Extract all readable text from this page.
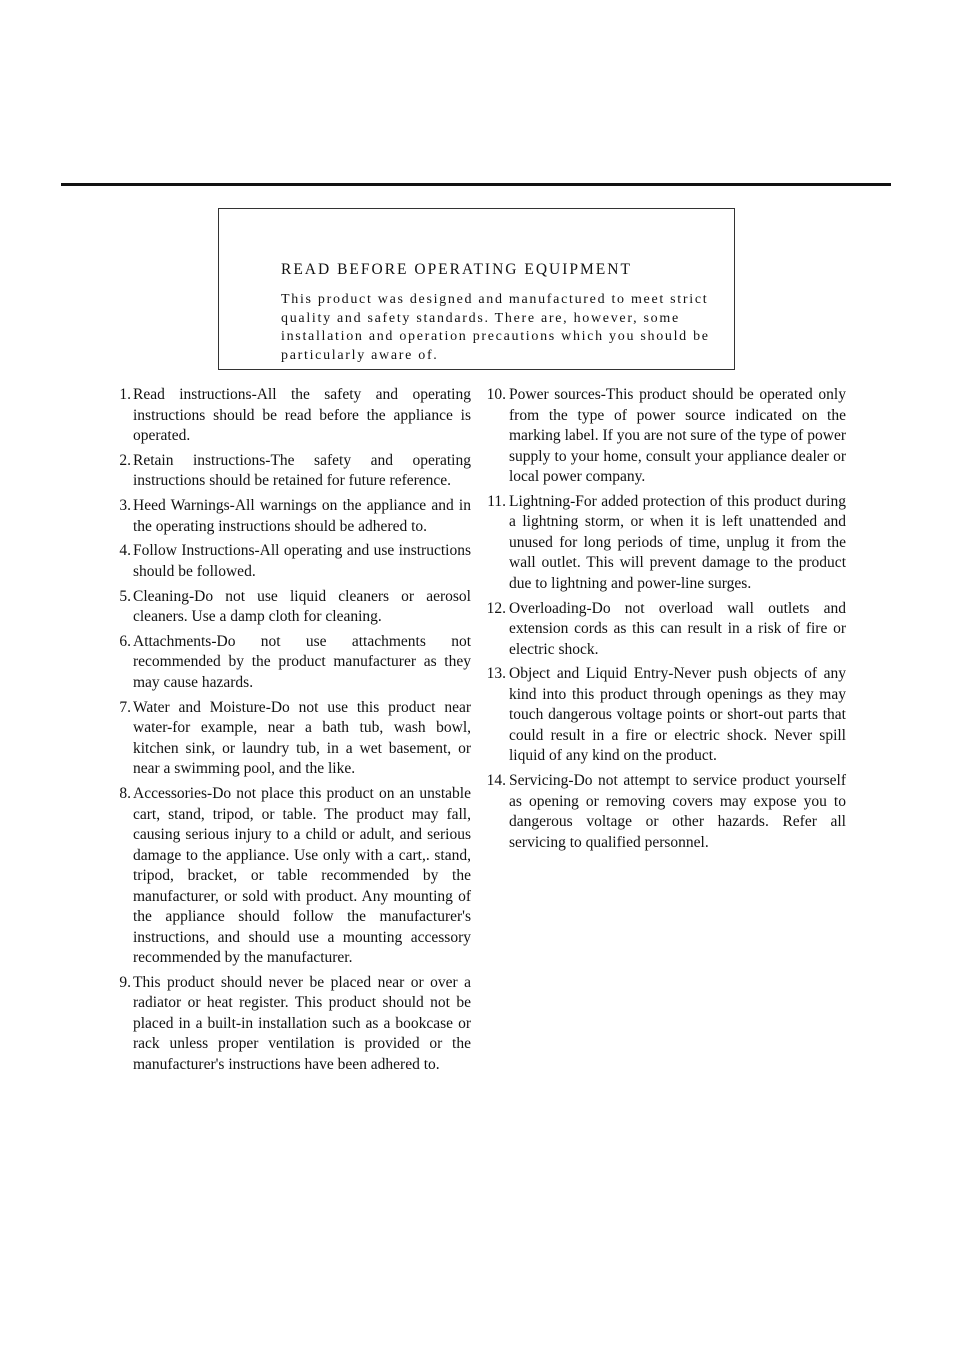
READ BEFORE OPERATING EQUIPMENT
This product was designed and manufactured to meet strict quality and safety standards. There are, however, some installation and operation precautions which you should be particularly aware of.
1. Read instructions-All the safety and operating instructions should be read before the appliance is operated.
2. Retain instructions-The safety and operating instructions should be retained for future reference.
3. Heed Warnings-All warnings on the appliance and in the operating instructions should be adhered to.
4. Follow Instructions-All operating and use instructions should be followed.
5. Cleaning-Do not use liquid cleaners or aerosol cleaners. Use a damp cloth for cleaning.
6. Attachments-Do not use attachments not recommended by the product manufacturer as they may cause hazards.
7. Water and Moisture-Do not use this product near water-for example, near a bath tub, wash bowl, kitchen sink, or laundry tub, in a wet basement, or near a swimming pool, and the like.
8. Accessories-Do not place this product on an unstable cart, stand, tripod, or table. The product may fall, causing serious injury to a child or adult, and serious damage to the appliance. Use only with a cart,. stand, tripod, bracket, or table recommended by the manufacturer, or sold with product. Any mounting of the appliance should follow the manufacturer's instructions, and should use a mounting accessory recommended by the manufacturer.
9. This product should never be placed near or over a radiator or heat register. This product should not be placed in a built-in installation such as a bookcase or rack unless proper ventilation is provided or the manufacturer's instructions have been adhered to.
10. Power sources-This product should be operated only from the type of power source indicated on the marking label. If you are not sure of the type of power supply to your home, consult your appliance dealer or local power company.
11. Lightning-For added protection of this product during a lightning storm, or when it is left unattended and unused for long periods of time, unplug it from the wall outlet. This will prevent damage to the product due to lightning and power-line surges.
12. Overloading-Do not overload wall outlets and extension cords as this can result in a risk of fire or electric shock.
13. Object and Liquid Entry-Never push objects of any kind into this product through openings as they may touch dangerous voltage points or short-out parts that could result in a fire or electric shock. Never spill liquid of any kind on the product.
14. Servicing-Do not attempt to service product yourself as opening or removing covers may expose you to dangerous voltage or other hazards. Refer all servicing to qualified personnel.
